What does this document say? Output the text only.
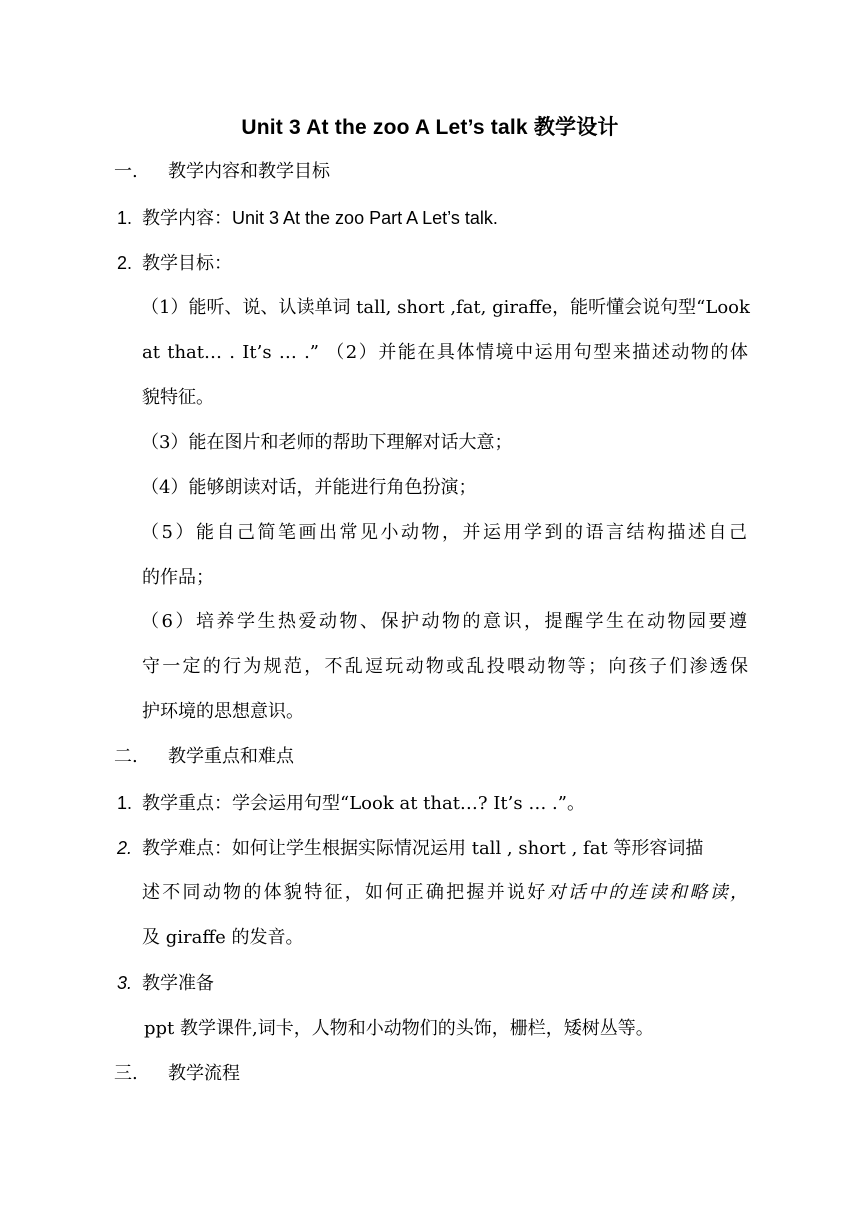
Unit 3 At the zoo A Let’s talk 教学设计
一. 教学内容和教学目标
1. 教学内容：Unit 3 At the zoo Part A Let’s talk.
2. 教学目标：
（1）能听、说、认读单词 tall, short ,fat, giraffe，能听懂会说句型“Look
at that… . It’s … .” （2）并能在具体情境中运用句型来描述动物的体
貌特征。
（3）能在图片和老师的帮助下理解对话大意；
（4）能够朗读对话，并能进行角色扮演；
（5）能自己简笔画出常见小动物，并运用学到的语言结构描述自己
的作品；
（6）培养学生热爱动物、保护动物的意识，提醒学生在动物园要遵
守一定的行为规范，不乱逗玩动物或乱投喂动物等；向孩子们渗透保
护环境的思想意识。
二. 教学重点和难点
1. 教学重点：学会运用句型“Look at that…? It’s … .”。
2. 教学难点：如何让学生根据实际情况运用 tall , short , fat 等形容词描
述不同动物的体貌特征，如何正确把握并说好对话中的连读和略读，
及 giraffe 的发音。
3. 教学准备
ppt 教学课件,词卡，人物和小动物们的头饰，栅栏，矮树丛等。
三. 教学流程
